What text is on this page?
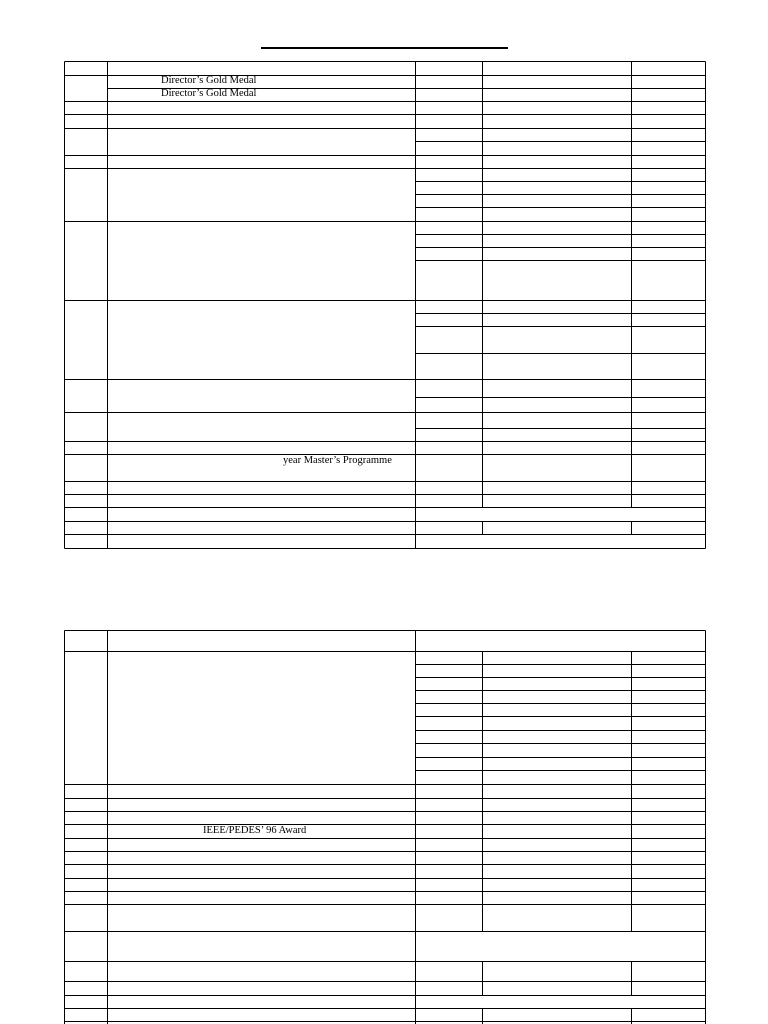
Director’s Gold Medal
Director’s Gold Medal
year Master’s Programme
IEEE/PEDES’ 96 Award
